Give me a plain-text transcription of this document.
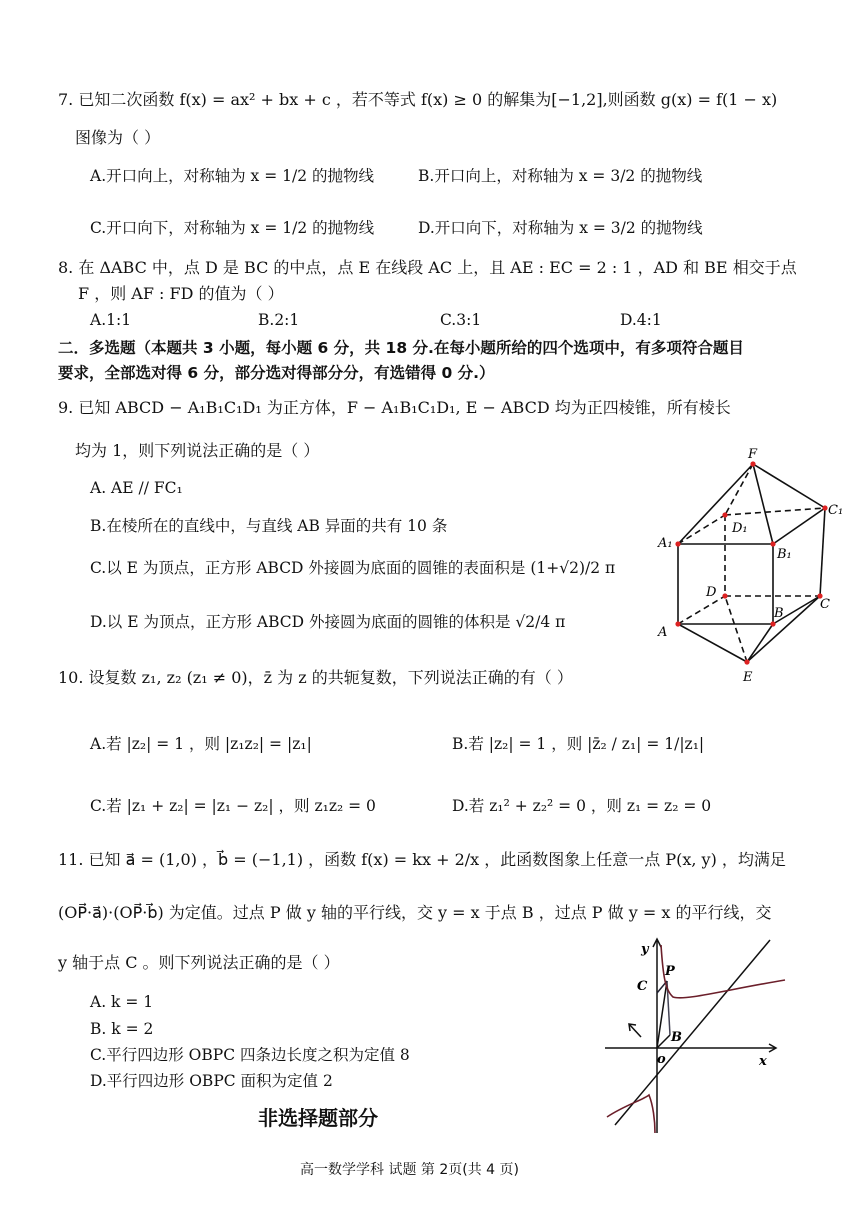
7. 已知二次函数 f(x) = ax² + bx + c ，若不等式 f(x) ≥ 0 的解集为[−1,2],则函数 g(x) = f(1 − x)
图像为（ ）
A.开口向上，对称轴为 x = 1/2 的抛物线	B.开口向上，对称轴为 x = 3/2 的抛物线
C.开口向下，对称轴为 x = 1/2 的抛物线	D.开口向下，对称轴为 x = 3/2 的抛物线
8. 在 ΔABC 中，点 D 是 BC 的中点，点 E 在线段 AC 上，且 AE : EC = 2 : 1 ，AD 和 BE 相交于点
F ，则 AF : FD 的值为（ ）
A.1:1	B.2:1	C.3:1	D.4:1
二．多选题（本题共 3 小题，每小题 6 分，共 18 分.在每小题所给的四个选项中，有多项符合题目
要求，全部选对得 6 分，部分选对得部分分，有选错得 0 分.）
9. 已知 ABCD − A₁B₁C₁D₁ 为正方体，F − A₁B₁C₁D₁, E − ABCD 均为正四棱锥，所有棱长
均为 1，则下列说法正确的是（ ）
A. AE // FC₁
B.在棱所在的直线中，与直线 AB 异面的共有 10 条
C.以 E 为顶点，正方形 ABCD 外接圆为底面的圆锥的表面积是 (1+√2)/2 π
D.以 E 为顶点，正方形 ABCD 外接圆为底面的圆锥的体积是 √2/4 π
F
C₁
D₁
A₁
B₁
D
C
B
A
E
10. 设复数 z₁, z₂ (z₁ ≠ 0)，z̄ 为 z 的共轭复数，下列说法正确的有（ ）
A.若 |z₂| = 1 ，则 |z₁z₂| = |z₁|	B.若 |z₂| = 1 ，则 |z̄₂ / z₁| = 1/|z₁|
C.若 |z₁ + z₂| = |z₁ − z₂| ，则 z₁z₂ = 0	D.若 z₁² + z₂² = 0 ，则 z₁ = z₂ = 0
11. 已知 a⃗ = (1,0) ，b⃗ = (−1,1) ，函数 f(x) = kx + 2/x ，此函数图象上任意一点 P(x, y) ，均满足
(OP⃗·a⃗)·(OP⃗·b⃗) 为定值。过点 P 做 y 轴的平行线，交 y = x 于点 B ，过点 P 做 y = x 的平行线，交
y 轴于点 C 。则下列说法正确的是（ ）
A. k = 1
B. k = 2
C.平行四边形 OBPC 四条边长度之积为定值 8
D.平行四边形 OBPC 面积为定值 2
y
P
C
B
o	x
非选择题部分
高一数学学科 试题 第 2页(共 4 页)
